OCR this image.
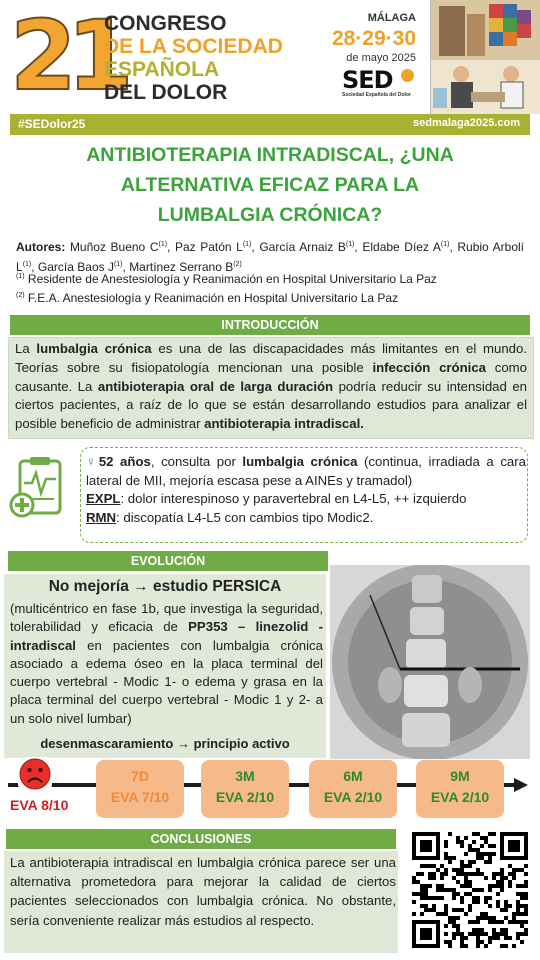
21
CONGRESO
DE LA SOCIEDAD
ESPAÑOLA
DEL DOLOR
MÁLAGA
28·29·30
de mayo 2025
SED
Sociedad Española del Dolor
#SEDolor25	sedmalaga2025.com
ANTIBIOTERAPIA INTRADISCAL, ¿UNA
ALTERNATIVA EFICAZ PARA LA
LUMBALGIA CRÓNICA?
Autores: Muñoz Bueno $C^{(1)}$, Paz Patón $L^{(1)}$, García Arnaiz $B^{(1)}$, Eldabe Díez $A^{(1)}$, Rubio Arbolí $L^{(1)}$, García Baos $J^{(1)}$, Martínez Serrano $B^{(2)}$
$^{(1)}$ Residente de Anestesiología y Reanimación en Hospital Universitario La Paz
$^{(2)}$ F.E.A. Anestesiología y Reanimación en Hospital Universitario La Paz
INTRODUCCIÓN
La lumbalgia crónica es una de las discapacidades más limitantes en el mundo. Teorías sobre su fisiopatología mencionan una posible infección crónica como causante. La antibioterapia oral de larga duración podría reducir su intensidad en ciertos pacientes, a raíz de lo que se están desarrollando estudios para analizar el posible beneficio de administrar antibioterapia intradiscal.
♀52 años, consulta por lumbalgia crónica (continua, irradiada a cara lateral de MII, mejoría escasa pese a AINEs y tramadol)
EXPL: dolor interespinoso y paravertebral en L4-L5, ++ izquierdo
RMN: discopatía L4-L5 con cambios tipo Modic2.
EVOLUCIÓN
No mejoría → estudio PERSICA
(multicéntrico en fase 1b, que investiga la seguridad, tolerabilidad y eficacia de PP353 – linezolid - intradiscal en pacientes con lumbalgia crónica asociado a edema óseo en la placa terminal del cuerpo vertebral - Modic 1- o edema y grasa en la placa terminal del cuerpo vertebral - Modic 1 y 2- a un solo nivel lumbar)
desenmascaramiento → principio activo
EVA 8/10
7D
EVA 7/10
3M
EVA 2/10
6M
EVA 2/10
9M
EVA 2/10
CONCLUSIONES
La antibioterapia intradiscal en lumbalgia crónica parece ser una alternativa prometedora para mejorar la calidad de ciertos pacientes seleccionados con lumbalgia crónica. No obstante, sería conveniente realizar más estudios al respecto.
